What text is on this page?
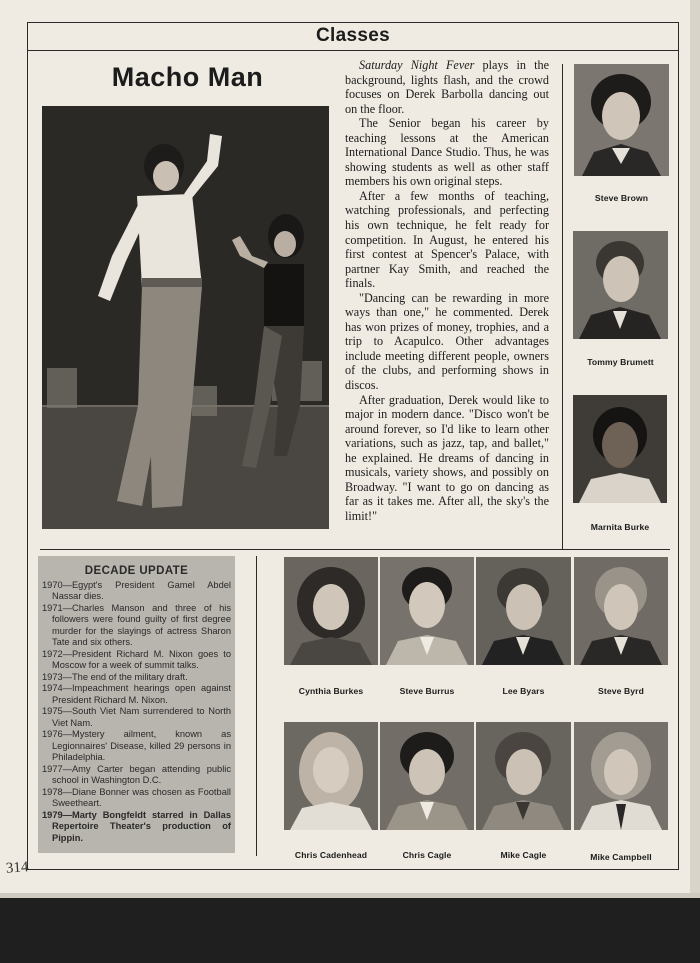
Classes
Macho Man	Saturday Night Fever plays in the background, lights flash, and the crowd focuses on Derek Barbolla dancing out on the floor.

The Senior began his career by teaching lessons at the American International Dance Studio. Thus, he was showing students as well as other staff members his own original steps.

After a few months of teaching, watching professionals, and perfecting his own technique, he felt ready for competition. In August, he entered his first contest at Spencer's Palace, with partner Kay Smith, and reached the finals.

"Dancing can be rewarding in more ways than one," he commented. Derek has won prizes of money, trophies, and a trip to Acapulco. Other advantages include meeting different people, owners of the clubs, and performing shows in discos.

After graduation, Derek would like to major in modern dance. "Disco won't be around forever, so I'd like to learn other variations, such as jazz, tap, and ballet," he explained. He dreams of dancing in musicals, variety shows, and possibly on Broadway. "I want to go on dancing as far as it takes me. After all, the sky's the limit!"

Steve Brown
Tommy Brumett
Marnita Burke
DECADE UPDATE

1970—Egypt's President Gamel Abdel Nassar dies.

1971—Charles Manson and three of his followers were found guilty of first degree murder for the slayings of actress Sharon Tate and six others.

1972—President Richard M. Nixon goes to Moscow for a week of summit talks.

1973—The end of the military draft.

1974—Impeachment hearings open against President Richard M. Nixon.

1975—South Viet Nam surrendered to North Viet Nam.

1976—Mystery ailment, known as Legionnaires' Disease, killed 29 persons in Philadelphia.

1977—Amy Carter began attending public school in Washington D.C.

1978—Diane Bonner was chosen as Football Sweetheart.

1979—Marty Bongfeldt starred in Dallas Repertoire Theater's production of Pippin.

Cynthia Burkes	Steve Burrus	Lee Byars	Steve Byrd
Chris Cadenhead	Chris Cagle	Mike Cagle	Mike Campbell
314
